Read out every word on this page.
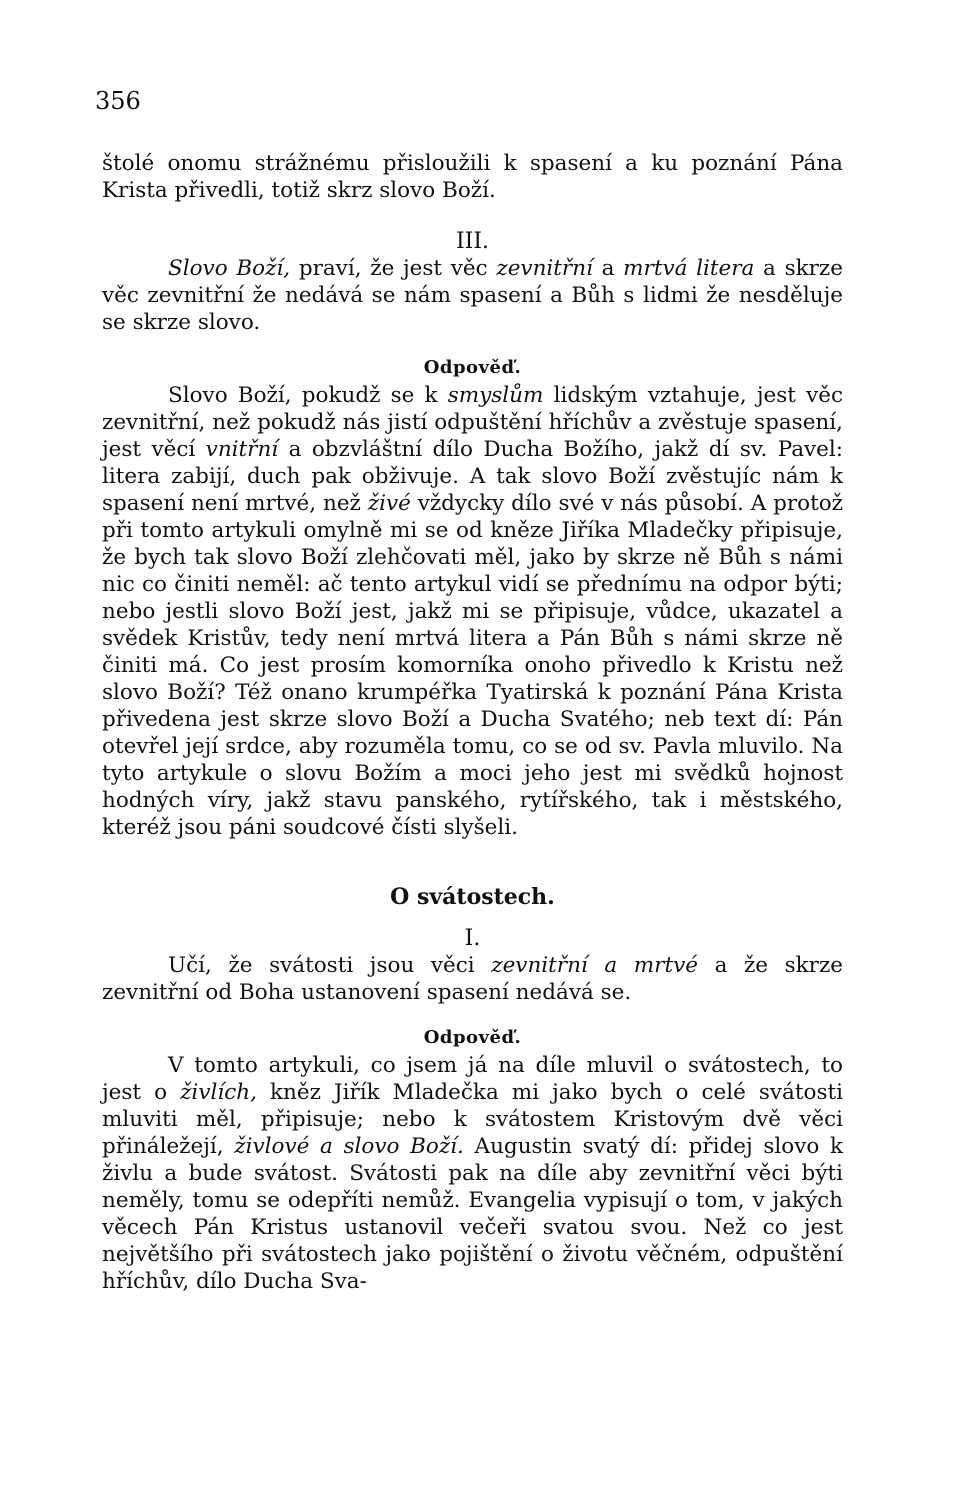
356

štolé onomu strážnému přisloužili k spasení a ku poznání Pána Krista přivedli, totiž skrz slovo Boží.

III.

Slovo Boží, praví, že jest věc zevnitřní a mrtvá litera a skrze věc zevnitřní že nedává se nám spasení a Bůh s lidmi že nesděluje se skrze slovo.

Odpověď.

Slovo Boží, pokudž se k smyslům lidským vztahuje, jest věc zevnitřní, než pokudž nás jistí odpuštění hříchův a zvěstuje spasení, jest věcí vnitřní a obzvláštní dílo Ducha Božího, jakž dí sv. Pavel: litera zabijí, duch pak obživuje. A tak slovo Boží zvěstujíc nám k spasení není mrtvé, než živé vždycky dílo své v nás působí. A protož při tomto artykuli omylně mi se od kněze Jiříka Mladečky připisuje, že bych tak slovo Boží zlehčovati měl, jako by skrze ně Bůh s námi nic co činiti neměl: ač tento artykul vidí se přednímu na odpor býti; nebo jestli slovo Boží jest, jakž mi se připisuje, vůdce, ukazatel a svědek Kristův, tedy není mrtvá litera a Pán Bůh s námi skrze ně činiti má. Co jest prosím komorníka onoho přivedlo k Kristu než slovo Boží? Též onano krumpéřka Tyatirská k poznání Pána Krista přivedena jest skrze slovo Boží a Ducha Svatého; neb text dí: Pán otevřel její srdce, aby rozuměla tomu, co se od sv. Pavla mluvilo. Na tyto artykule o slovu Božím a moci jeho jest mi svědků hojnost hodných víry, jakž stavu panského, rytířského, tak i městského, kteréž jsou páni soudcové čísti slyšeli.

O svátostech.
I.

Učí, že svátosti jsou věci zevnitřní a mrtvé a že skrze zevnitřní od Boha ustanovení spasení nedává se.

Odpověď.

V tomto artykuli, co jsem já na díle mluvil o svátostech, to jest o živlích, kněz Jiřík Mladečka mi jako bych o celé svátosti mluviti měl, připisuje; nebo k svátostem Kristovým dvě věci přináležejí, živlové a slovo Boží. Augustin svatý dí: přidej slovo k živlu a bude svátost. Svátosti pak na díle aby zevnitřní věci býti neměly, tomu se odepříti nemůž. Evangelia vypisují o tom, v jakých věcech Pán Kristus ustanovil večeři svatou svou. Než co jest největšího při svátostech jako pojištění o životu věčném, odpuštění hříchův, dílo Ducha Sva-
